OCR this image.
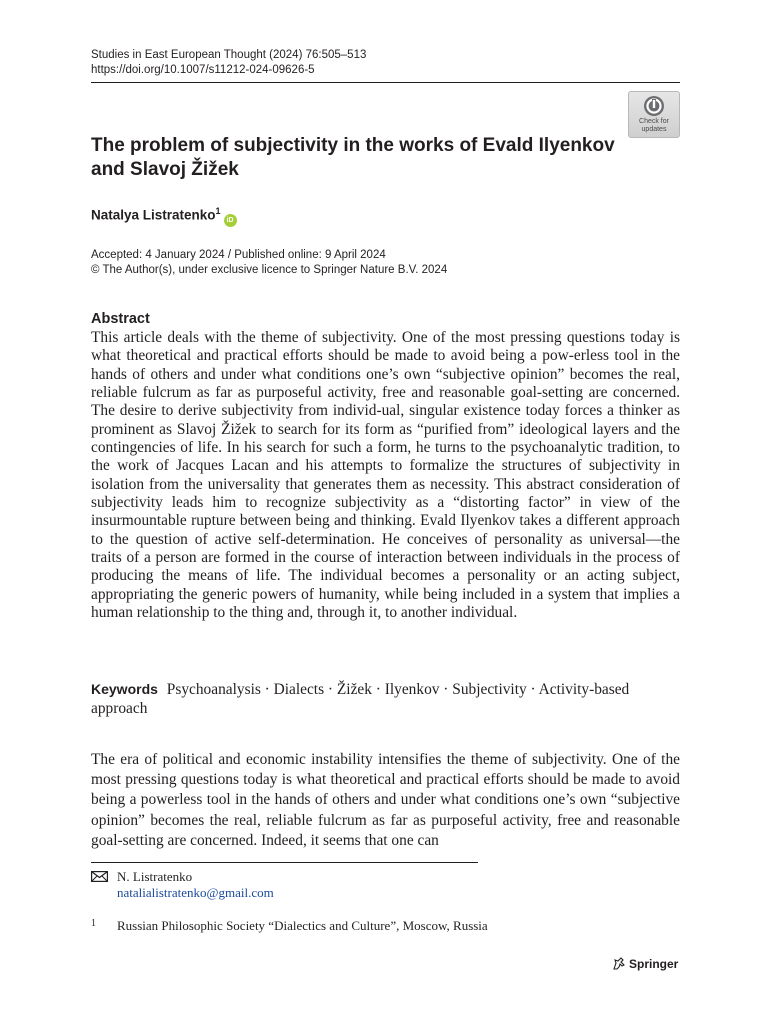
Studies in East European Thought (2024) 76:505–513
https://doi.org/10.1007/s11212-024-09626-5
Check for
updates
The problem of subjectivity in the works of Evald Ilyenkov and Slavoj Žižek
Natalya Listratenko$^1$iD
Accepted: 4 January 2024 / Published online: 9 April 2024
© The Author(s), under exclusive licence to Springer Nature B.V. 2024
Abstract

This article deals with the theme of subjectivity. One of the most pressing questions today is what theoretical and practical efforts should be made to avoid being a pow-erless tool in the hands of others and under what conditions one’s own “subjective opinion” becomes the real, reliable fulcrum as far as purposeful activity, free and reasonable goal-setting are concerned. The desire to derive subjectivity from individ-ual, singular existence today forces a thinker as prominent as Slavoj Žižek to search for its form as “purified from” ideological layers and the contingencies of life. In his search for such a form, he turns to the psychoanalytic tradition, to the work of Jacques Lacan and his attempts to formalize the structures of subjectivity in isolation from the universality that generates them as necessity. This abstract consideration of subjectivity leads him to recognize subjectivity as a “distorting factor” in view of the insurmountable rupture between being and thinking. Evald Ilyenkov takes a different approach to the question of active self-determination. He conceives of personality as universal—the traits of a person are formed in the course of interaction between individuals in the process of producing the means of life. The individual becomes a personality or an acting subject, appropriating the generic powers of humanity, while being included in a system that implies a human relationship to the thing and, through it, to another individual.

Keywords Psychoanalysis · Dialects · Žižek · Ilyenkov · Subjectivity · Activity-based approach

The era of political and economic instability intensifies the theme of subjectivity. One of the most pressing questions today is what theoretical and practical efforts should be made to avoid being a powerless tool in the hands of others and under what conditions one’s own “subjective opinion” becomes the real, reliable fulcrum as far as purposeful activity, free and reasonable goal-setting are concerned. Indeed, it seems that one can

N. Listratenko
natalialistratenko@gmail.com
1 Russian Philosophic Society “Dialectics and Culture”, Moscow, Russia
Springer
